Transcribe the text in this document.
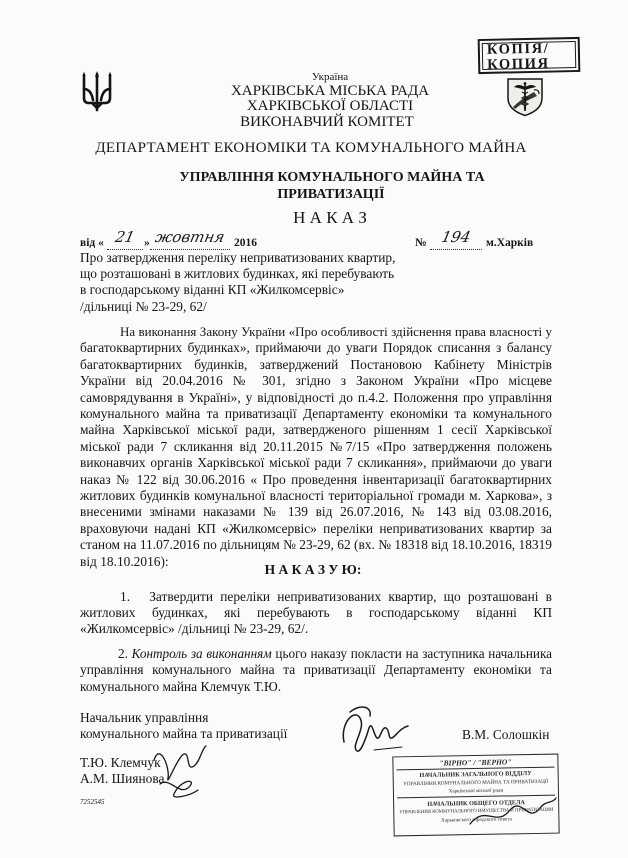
Україна
ХАРКІВСЬКА МІСЬКА РАДА
ХАРКІВСЬКОЇ ОБЛАСТІ
ВИКОНАВЧИЙ КОМІТЕТ
КОПІЯ/
КОПИЯ
ДЕПАРТАМЕНТ ЕКОНОМІКИ ТА КОМУНАЛЬНОГО МАЙНА
УПРАВЛІННЯ КОМУНАЛЬНОГО МАЙНА ТА
ПРИВАТИЗАЦІЇ
Н А К А З
від « 21 » жовтня 2016	№ 194	м.Харків
Про затвердження переліку неприватизованих квартир,
що розташовані в житлових будинках, які перебувають
в господарському віданні КП «Жилкомсервіс»
/дільниці № 23-29, 62/
На виконання Закону України «Про особливості здійснення права власності у
багатоквартирних будинках», приймаючи до уваги Порядок списання з балансу
багатоквартирних будинків, затверджений Постановою Кабінету Міністрів
України від 20.04.2016 № 301, згідно з Законом України «Про місцеве
самоврядування в Україні», у відповідності до п.4.2. Положення про управління
комунального майна та приватизації Департаменту економіки та комунального
майна Харківської міської ради, затвердженого рішенням 1 сесії Харківської
міської ради 7 скликання від 20.11.2015 №7/15 «Про затвердження положень
виконавчих органів Харківської міської ради 7 скликання», приймаючи до уваги
наказ № 122 від 30.06.2016 « Про проведення інвентаризації багатоквартирних
житлових будинків комунальної власності територіальної громади м. Харкова», з
внесеними змінами наказами № 139 від 26.07.2016, № 143 від 03.08.2016,
враховуючи надані КП «Жилкомсервіс» переліки неприватизованих квартир за
станом на 11.07.2016 по дільницям № 23-29, 62 (вх. № 18318 від 18.10.2016, 18319
від 18.10.2016):
Н А К А З У Ю:
1. Затвердити переліки неприватизованих квартир, що розташовані в
житлових будинках, які перебувають в господарському віданні КП
«Жилкомсервіс» /дільниці № 23-29, 62/.
2. Контроль за виконанням цього наказу покласти на заступника начальника
управління комунального майна та приватизації Департаменту економіки та
комунального майна Клемчук Т.Ю.
Начальник управління
комунального майна та приватизації	В.М. Солошкін
Т.Ю. Клемчук
А.М. Шиянова
7252545
"ВІРНО" / "ВЕРНО"
НАЧАЛЬНИК ЗАГАЛЬНОГО ВІДДІЛУ
УПРАВЛІННЯ КОМУНАЛЬНОГО МАЙНА ТА ПРИВАТИЗАЦІЇ
Харківської міської ради
НАЧАЛЬНИК ОБЩЕГО ОТДЕЛА
УПРАВЛЕНИЯ КОММУНАЛЬНОГО ИМУЩЕСТВА И ПРИВАТИЗАЦИИ
Харьковского городского совета
